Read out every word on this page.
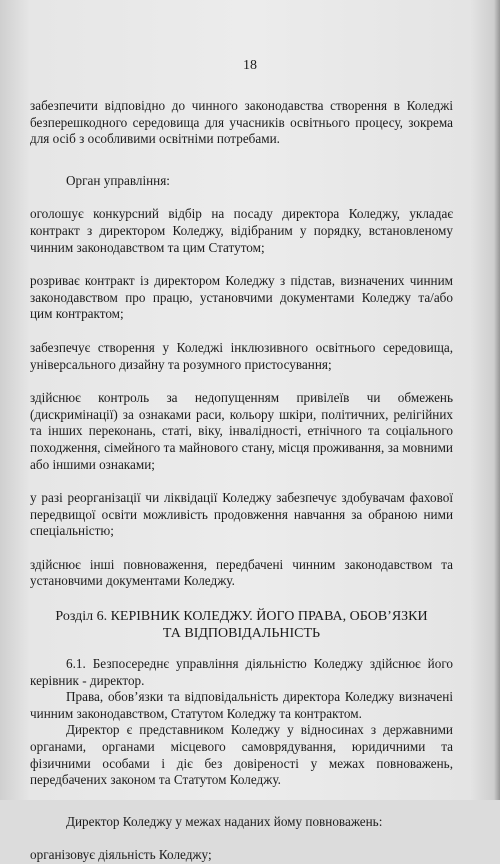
18

забезпечити відповідно до чинного законодавства створення в Коледжі безперешкодного середовища для учасників освітнього процесу, зокрема для осіб з особливими освітніми потребами.

Орган управління:

оголошує конкурсний відбір на посаду директора Коледжу, укладає контракт з директором Коледжу, відібраним у порядку, встановленому чинним законодавством та цим Статутом;

розриває контракт із директором Коледжу з підстав, визначених чинним законодавством про працю, установчими документами Коледжу та/або цим контрактом;

забезпечує створення у Коледжі інклюзивного освітнього середовища, універсального дизайну та розумного пристосування;

здійснює контроль за недопущенням привілеїв чи обмежень (дискримінації) за ознаками раси, кольору шкіри, політичних, релігійних та інших переконань, статі, віку, інвалідності, етнічного та соціального походження, сімейного та майнового стану, місця проживання, за мовними або іншими ознаками;

у разі реорганізації чи ліквідації Коледжу забезпечує здобувачам фахової передвищої освіти можливість продовження навчання за обраною ними спеціальністю;

здійснює інші повноваження, передбачені чинним законодавством та установчими документами Коледжу.

Розділ 6. КЕРІВНИК КОЛЕДЖУ. ЙОГО ПРАВА, ОБОВ’ЯЗКИ
ТА ВІДПОВІДАЛЬНІСТЬ

6.1. Безпосереднє управління діяльністю Коледжу здійснює його керівник - директор.

Права, обов’язки та відповідальність директора Коледжу визначені чинним законодавством, Статутом Коледжу та контрактом.

Директор є представником Коледжу у відносинах з державними органами, органами місцевого самоврядування, юридичними та фізичними особами і діє без довіреності у межах повноважень, передбачених законом та Статутом Коледжу.

Директор Коледжу у межах наданих йому повноважень:

організовує діяльність Коледжу;
